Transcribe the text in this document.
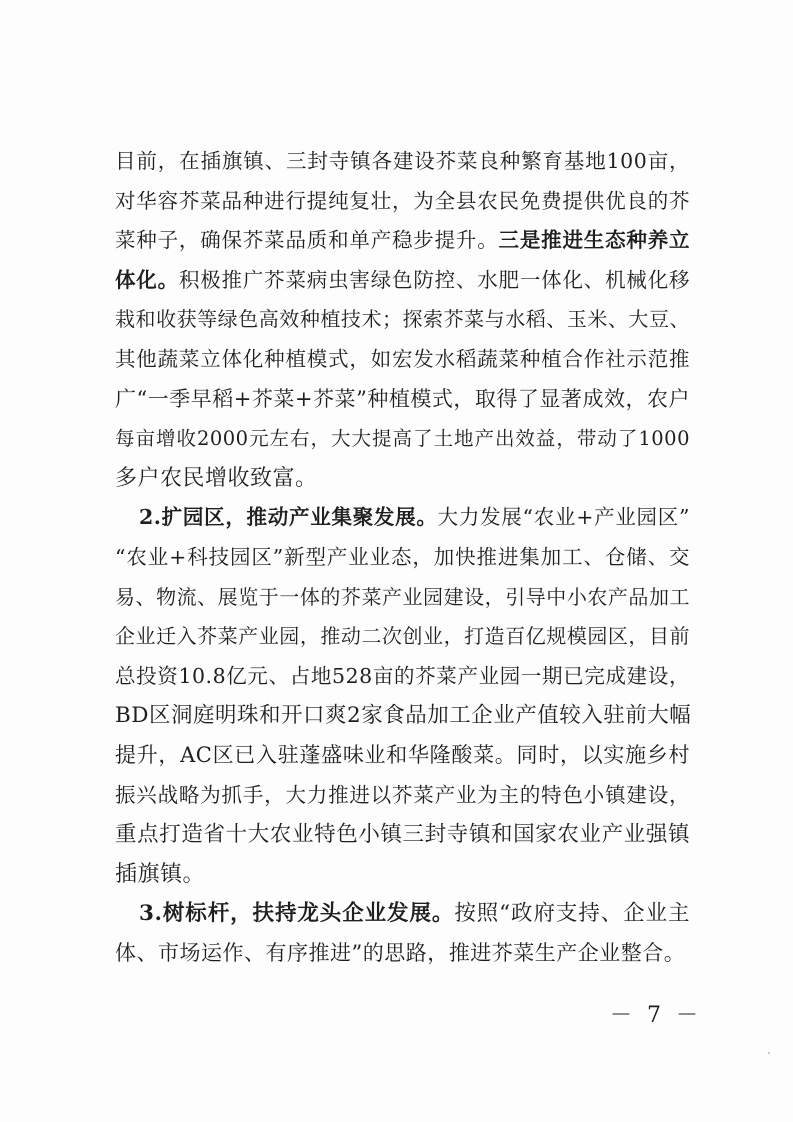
目前，在插旗镇、三封寺镇各建设芥菜良种繁育基地100亩，
对华容芥菜品种进行提纯复壮，为全县农民免费提供优良的芥
菜种子，确保芥菜品质和单产稳步提升。三是推进生态种养立
体化。积极推广芥菜病虫害绿色防控、水肥一体化、机械化移
栽和收获等绿色高效种植技术；探索芥菜与水稻、玉米、大豆、
其他蔬菜立体化种植模式，如宏发水稻蔬菜种植合作社示范推
广“一季早稻+芥菜+芥菜”种植模式，取得了显著成效，农户
每亩增收2000元左右，大大提高了土地产出效益，带动了1000
多户农民增收致富。
2.扩园区，推动产业集聚发展。大力发展“农业+产业园区”
“农业+科技园区”新型产业业态，加快推进集加工、仓储、交
易、物流、展览于一体的芥菜产业园建设，引导中小农产品加工
企业迁入芥菜产业园，推动二次创业，打造百亿规模园区，目前
总投资10.8亿元、占地528亩的芥菜产业园一期已完成建设，
BD区洞庭明珠和开口爽2家食品加工企业产值较入驻前大幅
提升，AC区已入驻蓬盛味业和华隆酸菜。同时，以实施乡村
振兴战略为抓手，大力推进以芥菜产业为主的特色小镇建设，
重点打造省十大农业特色小镇三封寺镇和国家农业产业强镇
插旗镇。
3.树标杆，扶持龙头企业发展。按照“政府支持、企业主
体、市场运作、有序推进”的思路，推进芥菜生产企业整合。
－ 7 －
